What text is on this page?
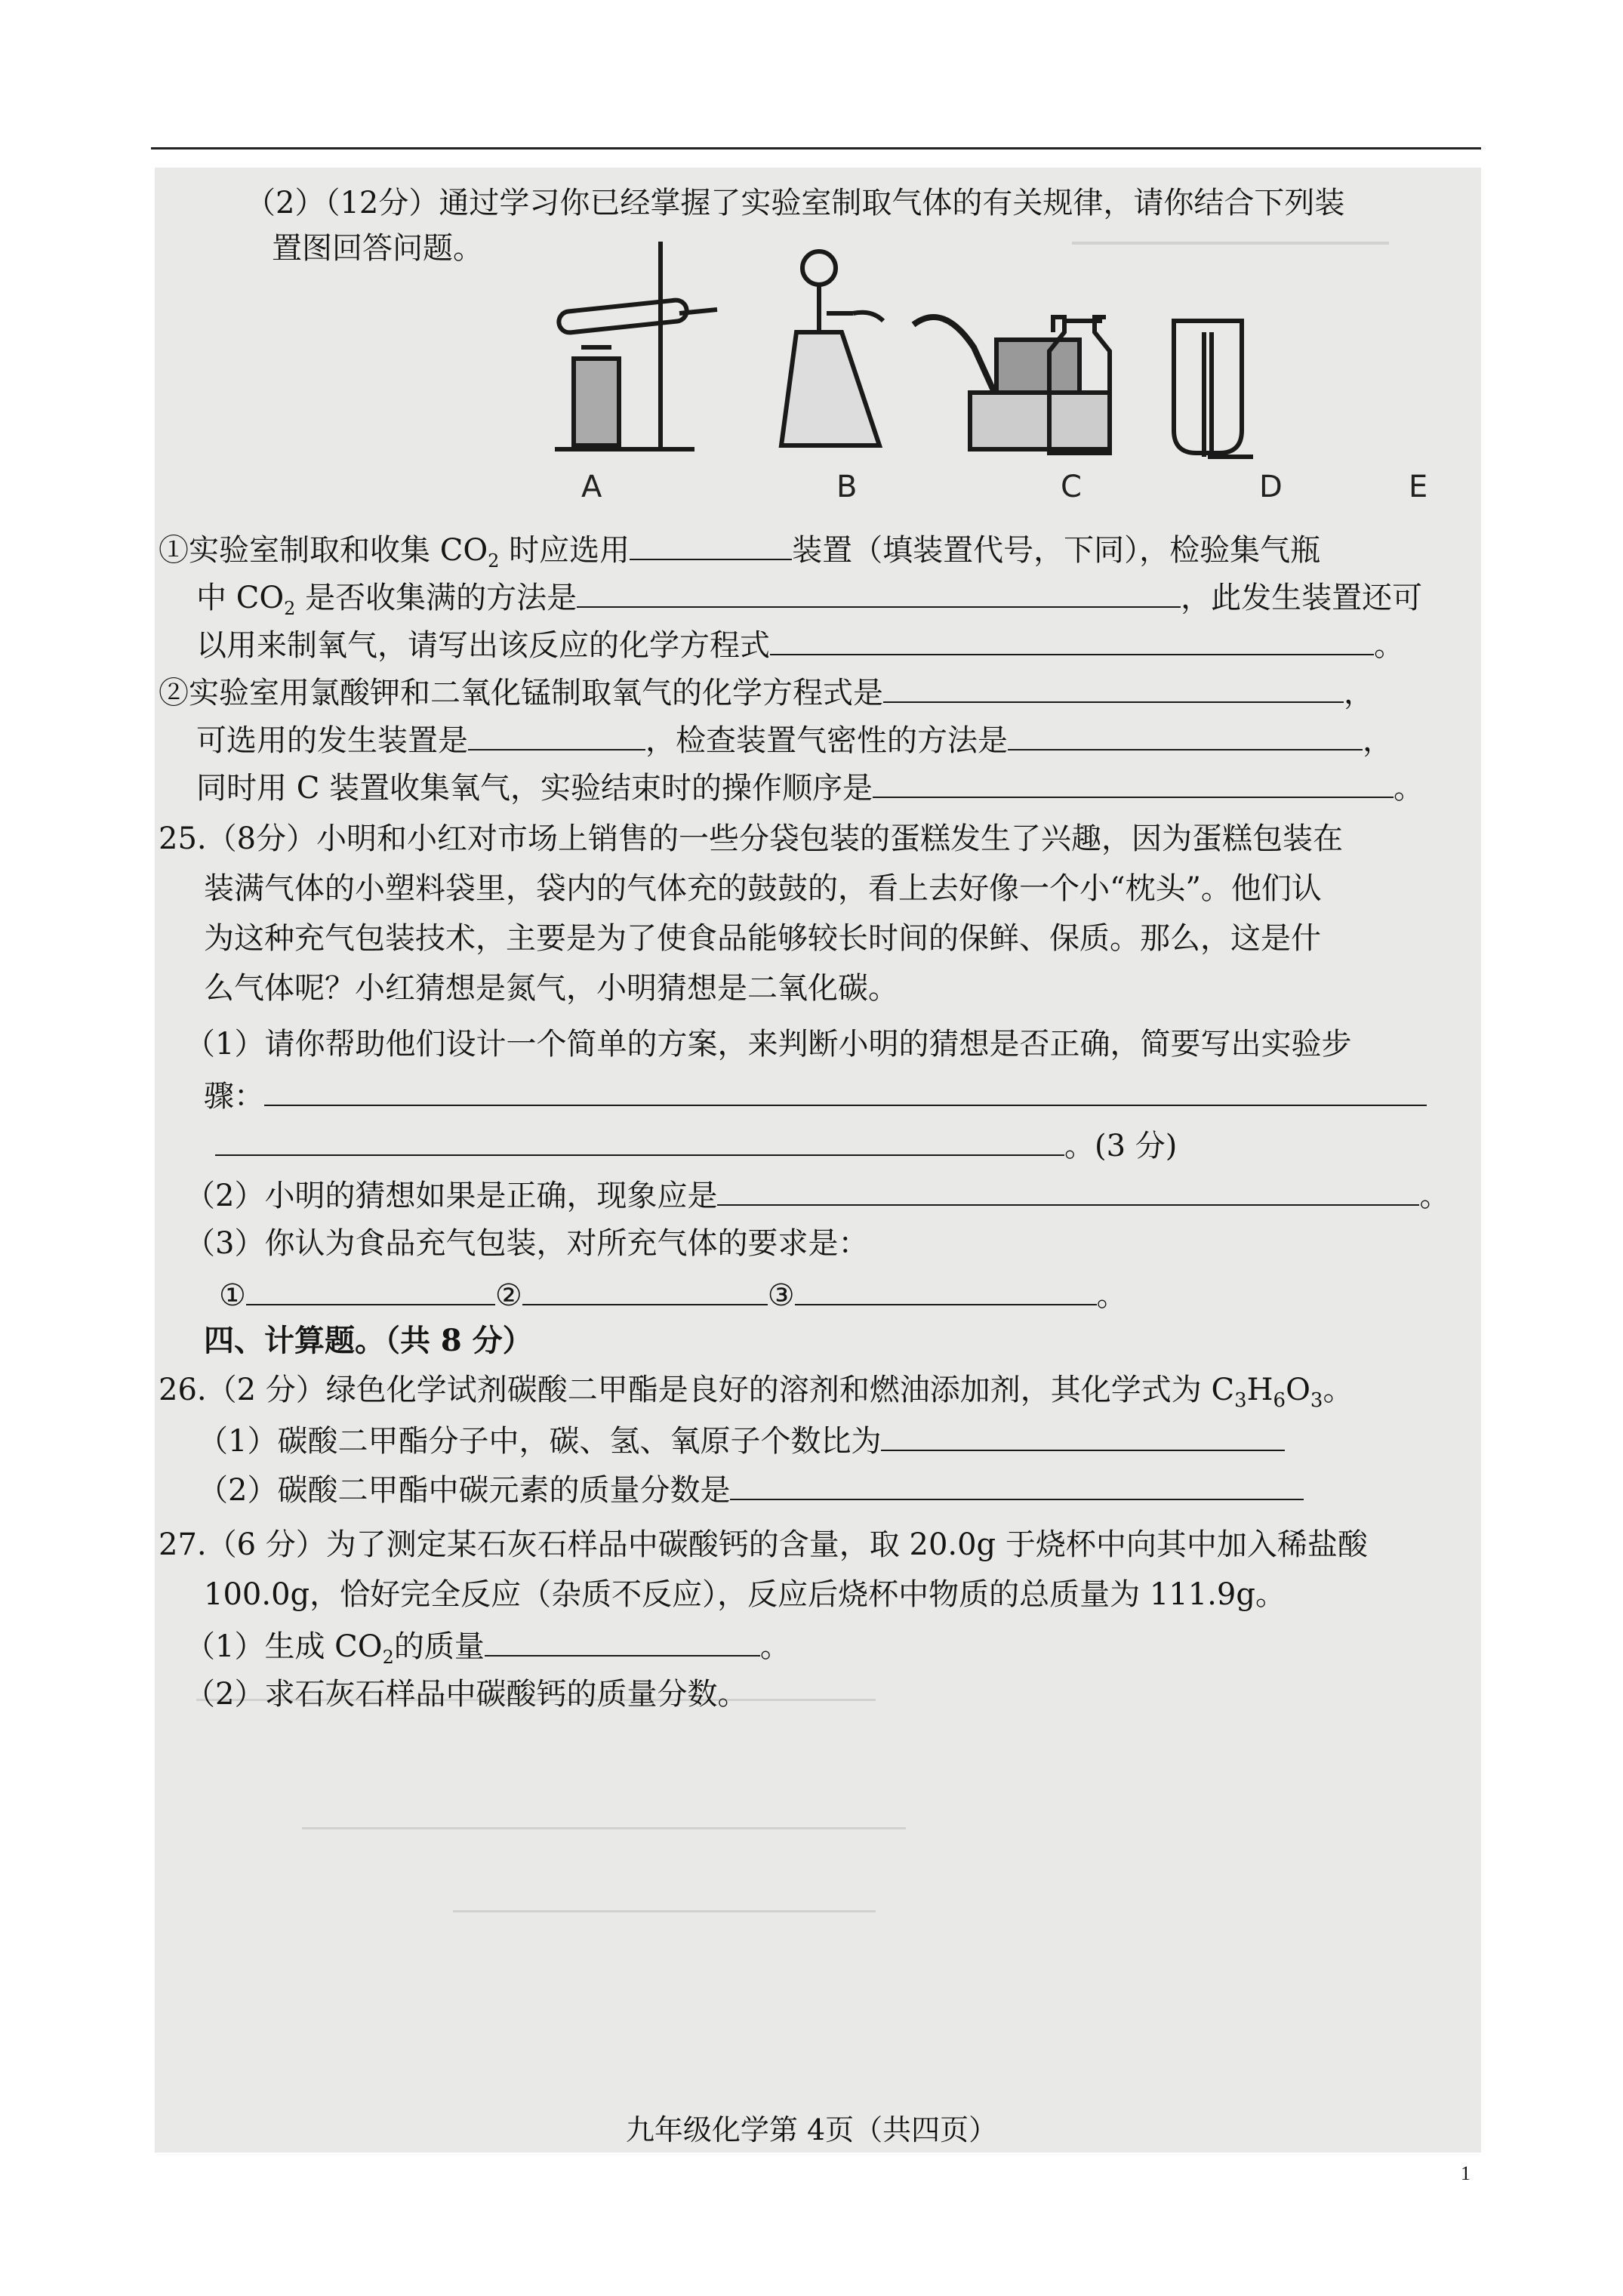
（2）（12分）通过学习你已经掌握了实验室制取气体的有关规律，请你结合下列装
置图回答问题。
A	B	C	D	E
①实验室制取和收集 $CO_2$ 时应选用	装置（填装置代号，下同），检验集气瓶
中 $CO_2$ 是否收集满的方法是	，此发生装置还可
以用来制氧气，请写出该反应的化学方程式	。
②实验室用氯酸钾和二氧化锰制取氧气的化学方程式是	，
可选用的发生装置是	，检查装置气密性的方法是	，
同时用 C 装置收集氧气，实验结束时的操作顺序是	。
25.（8分）小明和小红对市场上销售的一些分袋包装的蛋糕发生了兴趣，因为蛋糕包装在
装满气体的小塑料袋里，袋内的气体充的鼓鼓的，看上去好像一个小“枕头”。他们认
为这种充气包装技术，主要是为了使食品能够较长时间的保鲜、保质。那么，这是什
么气体呢？小红猜想是氮气，小明猜想是二氧化碳。
（1）请你帮助他们设计一个简单的方案，来判断小明的猜想是否正确，简要写出实验步
骤：
。(3 分)
（2）小明的猜想如果是正确，现象应是	。
（3）你认为食品充气包装，对所充气体的要求是：
①	②	③	。
四、计算题。（共 8 分）
26.（2 分）绿色化学试剂碳酸二甲酯是良好的溶剂和燃油添加剂，其化学式为 $C_3H_6O_3$。
（1）碳酸二甲酯分子中，碳、氢、氧原子个数比为
（2）碳酸二甲酯中碳元素的质量分数是
27.（6 分）为了测定某石灰石样品中碳酸钙的含量，取 20.0g 于烧杯中向其中加入稀盐酸
100.0g，恰好完全反应（杂质不反应），反应后烧杯中物质的总质量为 111.9g。
（1）生成 $CO_2$的质量	。
（2）求石灰石样品中碳酸钙的质量分数。
九年级化学第 4页（共四页）
1
